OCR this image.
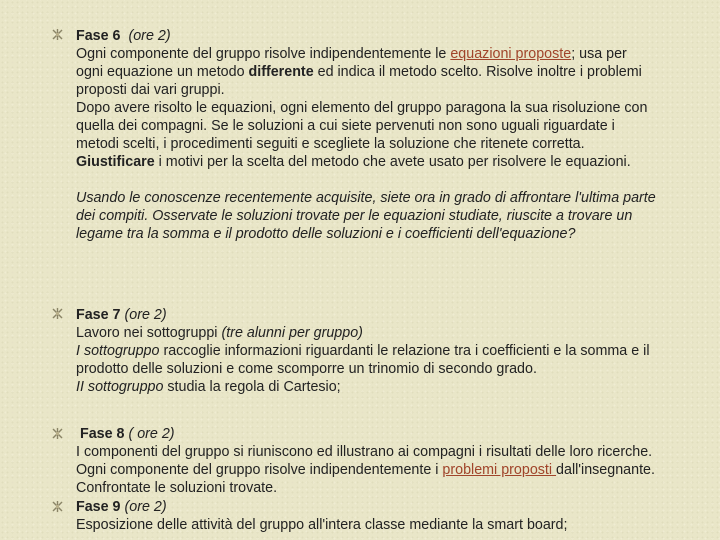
Fase 6 (ore 2)

Ogni componente del gruppo risolve indipendentemente le equazioni proposte; usa per ogni equazione un metodo differente ed indica il metodo scelto. Risolve inoltre i problemi proposti dai vari gruppi.

Dopo avere risolto le equazioni, ogni elemento del gruppo paragona la sua risoluzione con quella dei compagni. Se le soluzioni a cui siete pervenuti non sono uguali riguardate i metodi scelti, i procedimenti seguiti e scegliete la soluzione che ritenete corretta. Giustificare i motivi per la scelta del metodo che avete usato per risolvere le equazioni.

Usando le conoscenze recentemente acquisite, siete ora in grado di affrontare l'ultima parte dei compiti. Osservate le soluzioni trovate per le equazioni studiate, riuscite a trovare un legame tra la somma e il prodotto delle soluzioni e i coefficienti dell'equazione?

Fase 7 (ore 2)

Lavoro nei sottogruppi (tre alunni per gruppo)

I sottogruppo raccoglie informazioni riguardanti le relazione tra i coefficienti e la somma e il prodotto delle soluzioni e come scomporre un trinomio di secondo grado.

II sottogruppo studia la regola di Cartesio;

Fase 8 ( ore 2)

I componenti del gruppo si riuniscono ed illustrano ai compagni i risultati delle loro ricerche. Ogni componente del gruppo risolve indipendentemente i problemi proposti dall'insegnante. Confrontate le soluzioni trovate.

Fase 9 (ore 2)

Esposizione delle attività del gruppo all'intera classe mediante la smart board;
